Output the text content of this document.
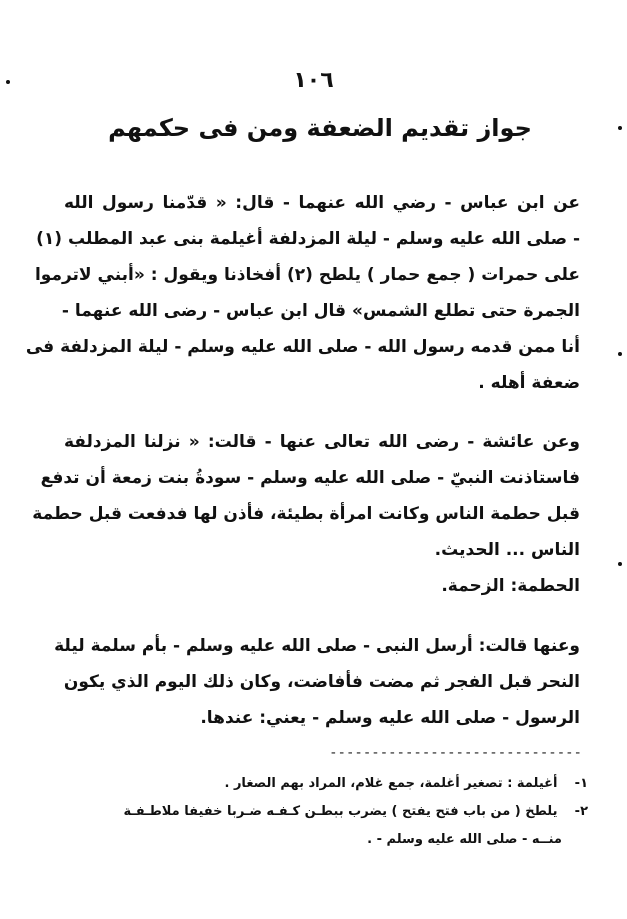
١٠٦
جواز تقديم الضعفة ومن فى حكمهم
عن ابن عباس - رضي الله عنهما - قال: « قدّمنا رسول الله
- صلى الله عليه وسلم - ليلة المزدلفة أغيلمة بنى عبد المطلب (١)
على حمرات ( جمع حمار ) يلطح (٢) أفخاذنا ويقول : «أبني لاترموا
الجمرة حتى تطلع الشمس» قال ابن عباس - رضى الله عنهما -
أنا ممن قدمه رسول الله - صلى الله عليه وسلم - ليلة المزدلفة فى
ضعفة أهله .
وعن عائشة - رضى الله تعالى عنها - قالت: « نزلنا المزدلفة
فاستاذنت النبيّ - صلى الله عليه وسلم - سودةُ بنت زمعة أن تدفع
قبل حطمة الناس وكانت امرأة بطيئة، فأذن لها فدفعت قبل حطمة
الناس ... الحديث.
الحطمة: الزحمة.
وعنها قالت: أرسل النبى - صلى الله عليه وسلم - بأم سلمة ليلة
النحر قبل الفجر ثم مضت فأفاضت، وكان ذلك اليوم الذي يكون
الرسول - صلى الله عليه وسلم - يعني: عندها.
------------------------------
١- أغيلمة : تصغير أغلمة، جمع غلام، المراد بهم الصغار .
٢- يلطخ ( من باب فتح يفتح ) يضرب ببطـن كـفـه ضـربا خفيفا ملاطـفـة
منــه - صلى الله عليه وسلم - .
